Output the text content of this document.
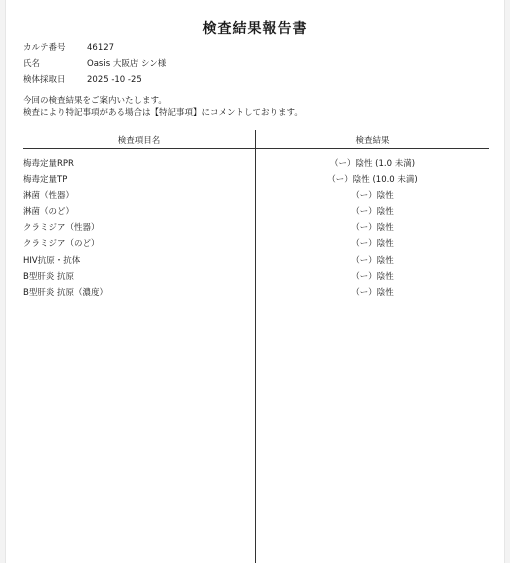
検査結果報告書
カルテ番号	46127
氏名	Oasis 大阪店 シン様
検体採取日	2025 -10 -25
今回の検査結果をご案内いたします。
検査により特記事項がある場合は【特記事項】にコメントしております。
検査項目名	検査結果
梅毒定量RPR	（ー）陰性 (1.0 未満)
梅毒定量TP	（ー）陰性 (10.0 未満)
淋菌（性器）	（ー）陰性
淋菌（のど）	（ー）陰性
クラミジア（性器）	（ー）陰性
クラミジア（のど）	（ー）陰性
HIV抗原・抗体	（ー）陰性
B型肝炎 抗原	（ー）陰性
B型肝炎 抗原（濃度）	（ー）陰性
